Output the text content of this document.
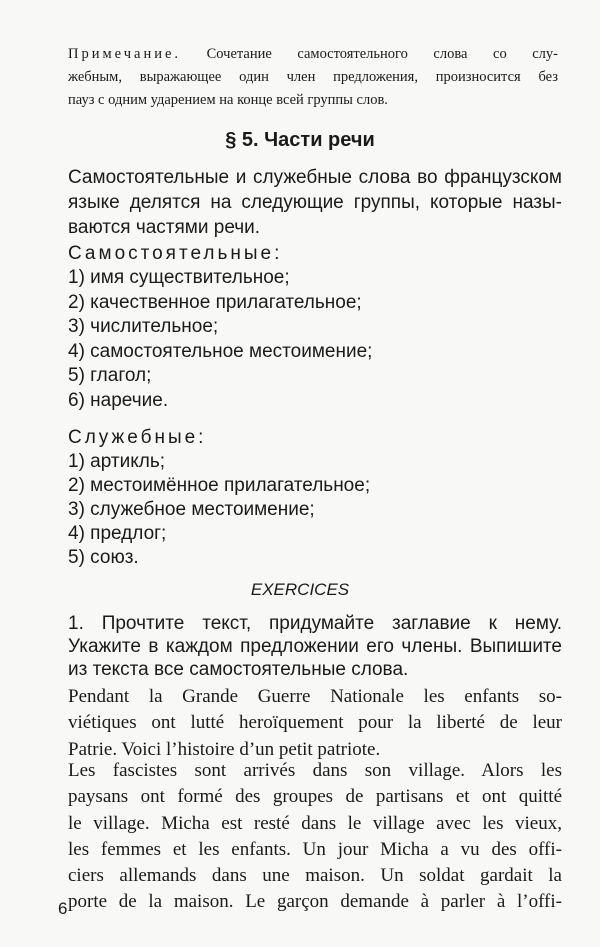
Примечание. Сочетание самостоятельного слова со слу-
жебным, выражающее один член предложения, произносится без
пауз с одним ударением на конце всей группы слов.
§ 5. Части речи
Самостоятельные и служебные слова во французском
языке делятся на следующие группы, которые назы-
ваются частями речи.
Самостоятельные:
1) имя существительное;
2) качественное прилагательное;
3) числительное;
4) самостоятельное местоимение;
5) глагол;
6) наречие.
Служебные:
1) артикль;
2) местоимённое прилагательное;
3) служебное местоимение;
4) предлог;
5) союз.
EXERCICES
1. Прочтите текст, придумайте заглавие к нему.
Укажите в каждом предложении его члены. Выпишите
из текста все самостоятельные слова.
Pendant la Grande Guerre Nationale les enfants so-
viétiques ont lutté heroïquement pour la liberté de leur
Patrie. Voici l’histoire d’un petit patriote.
Les fascistes sont arrivés dans son village. Alors les
paysans ont formé des groupes de partisans et ont quitté
le village. Micha est resté dans le village avec les vieux,
les femmes et les enfants. Un jour Micha a vu des offi-
ciers allemands dans une maison. Un soldat gardait la
porte de la maison. Le garçon demande à parler à l’offi-
6
